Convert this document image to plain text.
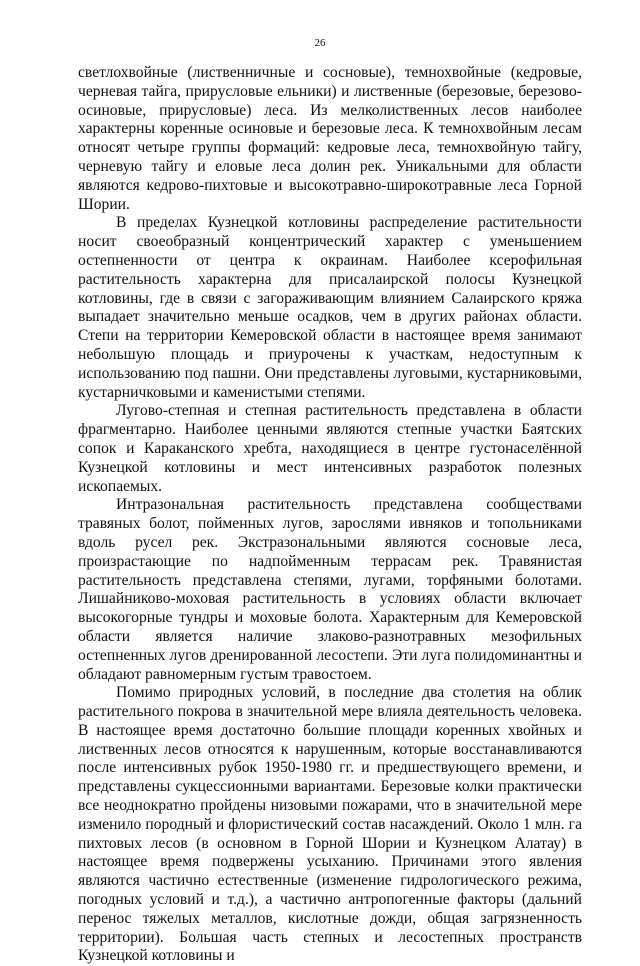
26

светлохвойные (лиственничные и сосновые), темнохвойные (кедровые, черневая тайга, прирусловые ельники) и лиственные (березовые, березово-осиновые, прирусловые) леса. Из мелколиственных лесов наиболее характерны коренные осиновые и березовые леса. К темнохвойным лесам относят четыре группы формаций: кедровые леса, темнохвойную тайгу, черневую тайгу и еловые леса долин рек. Уникальными для области являются кедрово-пихтовые и высокотравно-широкотравные леса Горной Шории.

В пределах Кузнецкой котловины распределение растительности носит своеобразный концентрический характер с уменьшением остепненности от центра к окраинам. Наиболее ксерофильная растительность характерна для присалаирской полосы Кузнецкой котловины, где в связи с загораживающим влиянием Салаирского кряжа выпадает значительно меньше осадков, чем в других районах области. Степи на территории Кемеровской области в настоящее время занимают небольшую площадь и приурочены к участкам, недоступным к использованию под пашни. Они представлены луговыми, кустарниковыми, кустарничковыми и каменистыми степями.

Лугово-степная и степная растительность представлена в области фрагментарно. Наиболее ценными являются степные участки Баятских сопок и Караканского хребта, находящиеся в центре густонаселённой Кузнецкой котловины и мест интенсивных разработок полезных ископаемых.

Интразональная растительность представлена сообществами травяных болот, пойменных лугов, зарослями ивняков и топольниками вдоль русел рек. Экстразональными являются сосновые леса, произрастающие по надпойменным террасам рек. Травянистая растительность представлена степями, лугами, торфяными болотами. Лишайниково-моховая растительность в условиях области включает высокогорные тундры и моховые болота. Характерным для Кемеровской области является наличие злаково-разнотравных мезофильных остепненных лугов дренированной лесостепи. Эти луга полидоминантны и обладают равномерным густым травостоем.

Помимо природных условий, в последние два столетия на облик растительного покрова в значительной мере влияла деятельность человека. В настоящее время достаточно большие площади коренных хвойных и лиственных лесов относятся к нарушенным, которые восстанавливаются после интенсивных рубок 1950-1980 гг. и предшествующего времени, и представлены сукцессионными вариантами. Березовые колки практически все неоднократно пройдены низовыми пожарами, что в значительной мере изменило породный и флористический состав насаждений. Около 1 млн. га пихтовых лесов (в основном в Горной Шории и Кузнецком Алатау) в настоящее время подвержены усыханию. Причинами этого явления являются частично естественные (изменение гидрологического режима, погодных условий и т.д.), а частично антропогенные факторы (дальний перенос тяжелых металлов, кислотные дожди, общая загрязненность территории). Большая часть степных и лесостепных пространств Кузнецкой котловины и
